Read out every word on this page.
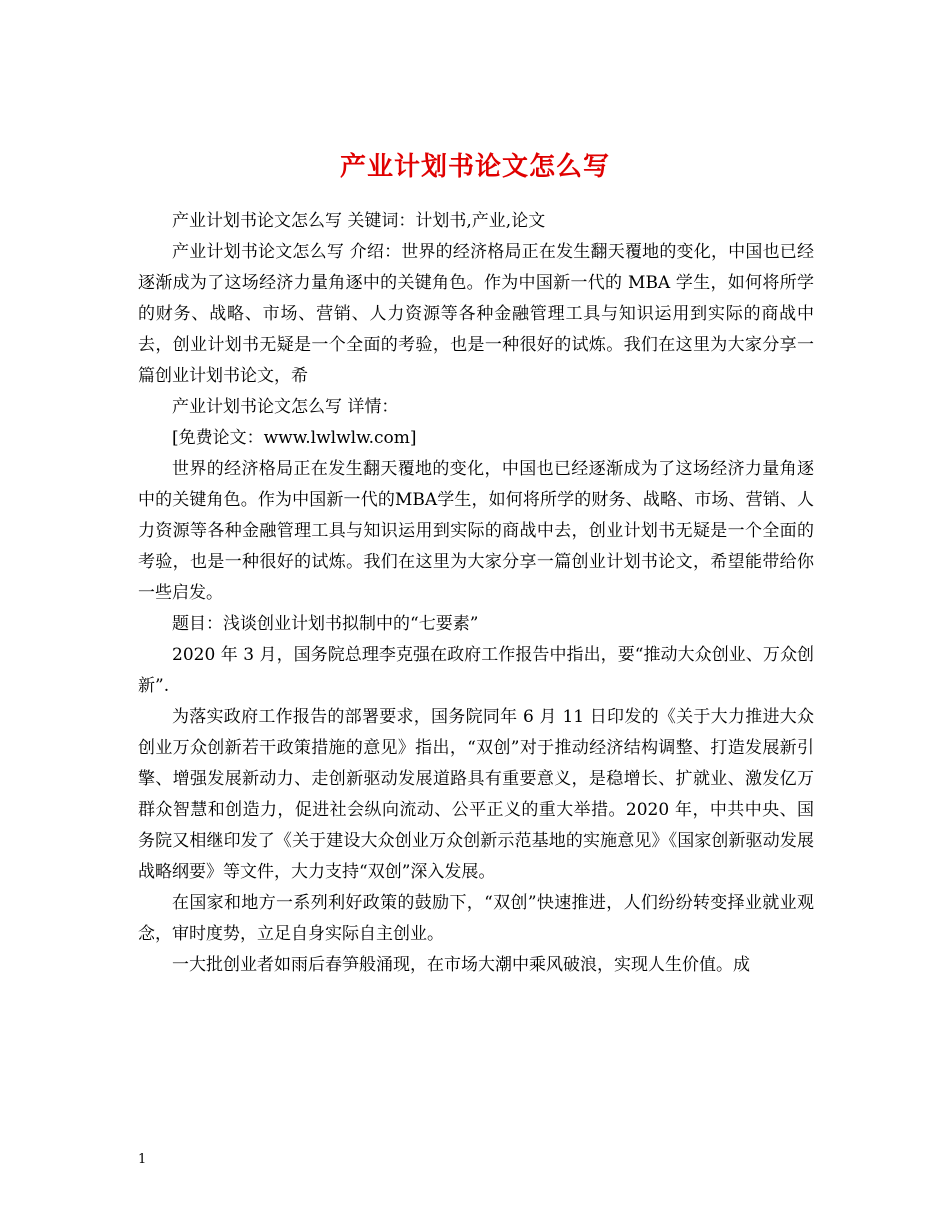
产业计划书论文怎么写

产业计划书论文怎么写 关键词：计划书,产业,论文

产业计划书论文怎么写 介绍：世界的经济格局正在发生翻天覆地的变化，中国也已经逐渐成为了这场经济力量角逐中的关键角色。作为中国新一代的 MBA 学生，如何将所学的财务、战略、市场、营销、人力资源等各种金融管理工具与知识运用到实际的商战中去，创业计划书无疑是一个全面的考验，也是一种很好的试炼。我们在这里为大家分享一篇创业计划书论文，希

产业计划书论文怎么写 详情：

[免费论文：www.lwlwlw.com]

世界的经济格局正在发生翻天覆地的变化，中国也已经逐渐成为了这场经济力量角逐中的关键角色。作为中国新一代的MBA学生，如何将所学的财务、战略、市场、营销、人力资源等各种金融管理工具与知识运用到实际的商战中去，创业计划书无疑是一个全面的考验，也是一种很好的试炼。我们在这里为大家分享一篇创业计划书论文，希望能带给你一些启发。

题目：浅谈创业计划书拟制中的“七要素”

2020 年 3 月，国务院总理李克强在政府工作报告中指出，要“推动大众创业、万众创新”.

为落实政府工作报告的部署要求，国务院同年 6 月 11 日印发的《关于大力推进大众创业万众创新若干政策措施的意见》指出，“双创”对于推动经济结构调整、打造发展新引擎、增强发展新动力、走创新驱动发展道路具有重要意义，是稳增长、扩就业、激发亿万群众智慧和创造力，促进社会纵向流动、公平正义的重大举措。2020 年，中共中央、国务院又相继印发了《关于建设大众创业万众创新示范基地的实施意见》《国家创新驱动发展战略纲要》等文件，大力支持“双创”深入发展。

在国家和地方一系列利好政策的鼓励下，“双创”快速推进，人们纷纷转变择业就业观念，审时度势，立足自身实际自主创业。

一大批创业者如雨后春笋般涌现，在市场大潮中乘风破浪，实现人生价值。成

1
